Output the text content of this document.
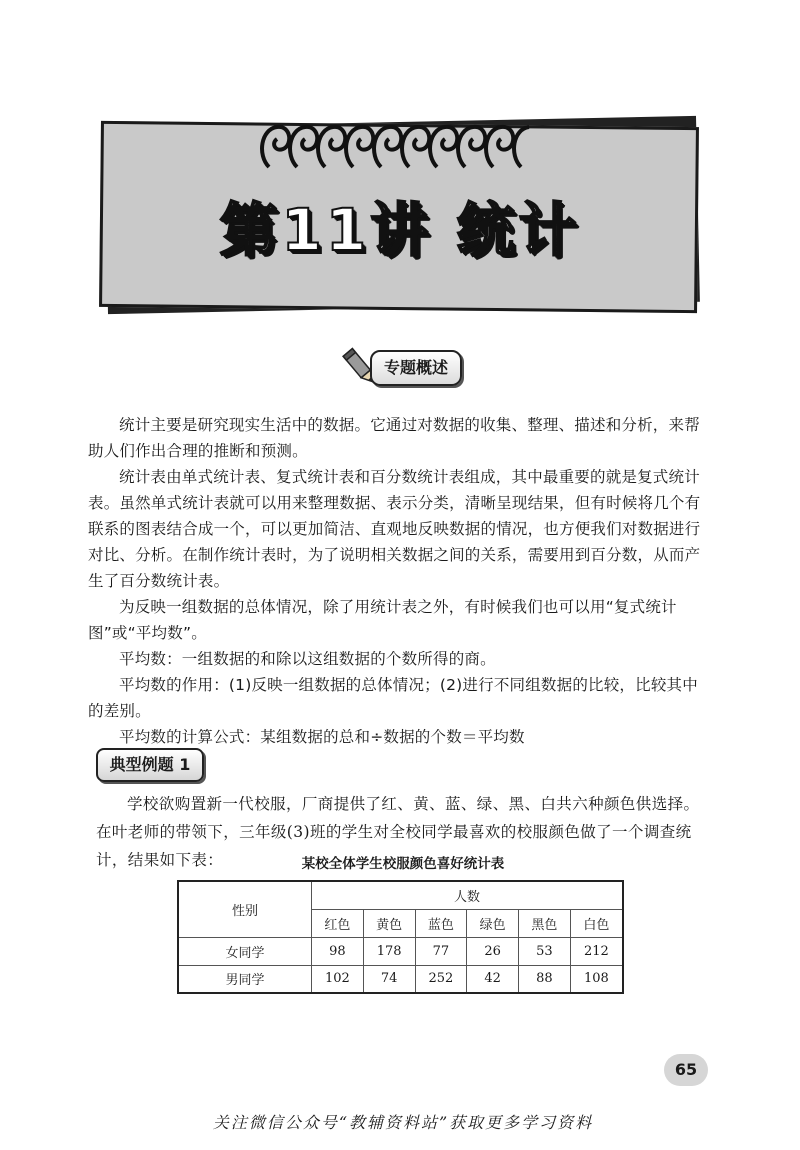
第11讲 统计
专题概述

统计主要是研究现实生活中的数据。它通过对数据的收集、整理、描述和分析，来帮助人们作出合理的推断和预测。

统计表由单式统计表、复式统计表和百分数统计表组成，其中最重要的就是复式统计表。虽然单式统计表就可以用来整理数据、表示分类，清晰呈现结果，但有时候将几个有联系的图表结合成一个，可以更加简洁、直观地反映数据的情况，也方便我们对数据进行对比、分析。在制作统计表时，为了说明相关数据之间的关系，需要用到百分数，从而产生了百分数统计表。

为反映一组数据的总体情况，除了用统计表之外，有时候我们也可以用“复式统计图”或“平均数”。

平均数：一组数据的和除以这组数据的个数所得的商。

平均数的作用：(1)反映一组数据的总体情况；(2)进行不同组数据的比较，比较其中的差别。

平均数的计算公式：某组数据的总和÷数据的个数＝平均数

典型例题 1

学校欲购置新一代校服，厂商提供了红、黄、蓝、绿、黑、白共六种颜色供选择。在叶老师的带领下，三年级(3)班的学生对全校同学最喜欢的校服颜色做了一个调查统计，结果如下表：	某校全体学生校服颜色喜好统计表
性别	人数					
	红色	黄色	蓝色	绿色	黑色	白色
女同学	98	178	77	26	53	212
男同学	102	74	252	42	88	108
65
关注微信公众号“教辅资料站”获取更多学习资料
